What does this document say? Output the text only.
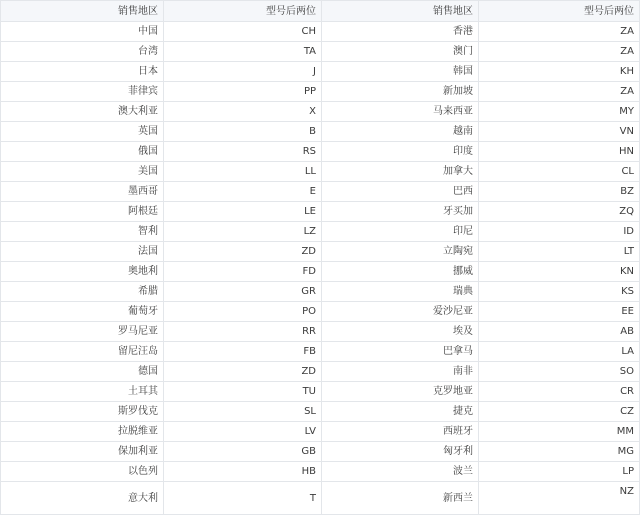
销售地区	型号后两位	销售地区	型号后两位
中国	CH	香港	ZA
台湾	TA	澳门	ZA
日本	J	韩国	KH
菲律宾	PP	新加坡	ZA
澳大利亚	X	马来西亚	MY
英国	B	越南	VN
俄国	RS	印度	HN
美国	LL	加拿大	CL
墨西哥	E	巴西	BZ
阿根廷	LE	牙买加	ZQ
智利	LZ	印尼	ID
法国	ZD	立陶宛	LT
奥地利	FD	挪威	KN
希腊	GR	瑞典	KS
葡萄牙	PO	爱沙尼亚	EE
罗马尼亚	RR	埃及	AB
留尼汪岛	FB	巴拿马	LA
德国	ZD	南非	SO
土耳其	TU	克罗地亚	CR
斯罗伐克	SL	捷克	CZ
拉脱维亚	LV	西班牙	MM
保加利亚	GB	匈牙利	MG
以色列	HB	波兰	LP
意大利	T	新西兰	NZ
